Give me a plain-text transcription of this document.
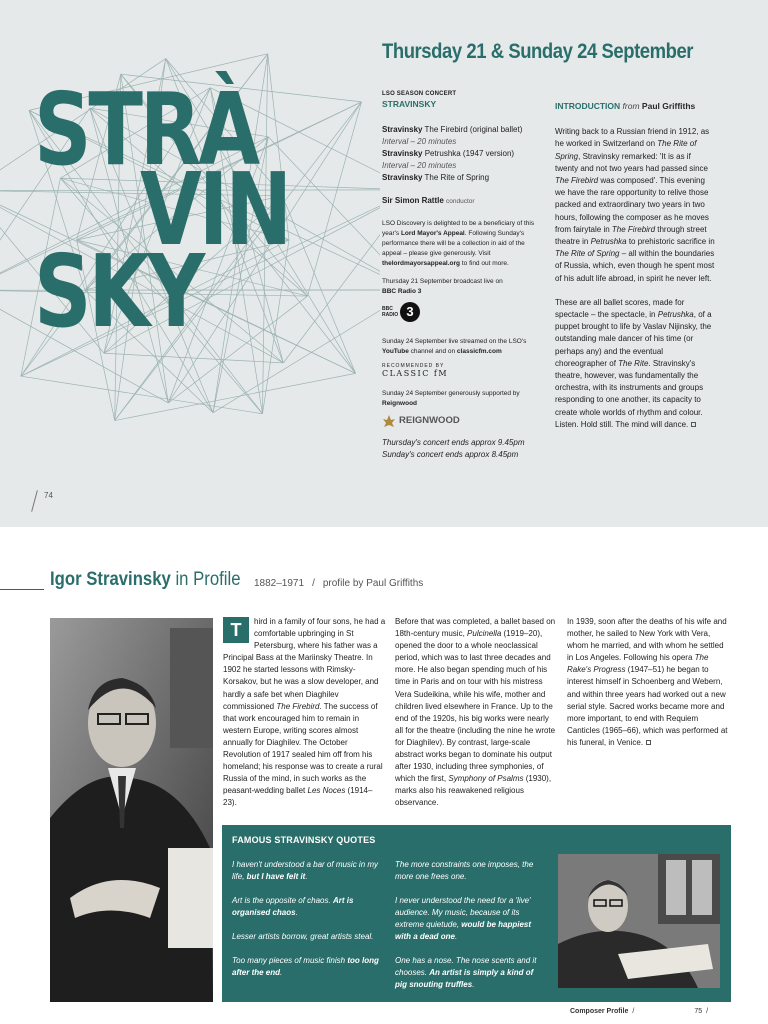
STRÀ
VIN
SKY
74
Thursday 21 & Sunday 24 September
LSO SEASON CONCERT
STRAVINSKY
Stravinsky The Firebird (original ballet)
Interval – 20 minutes
Stravinsky Petrushka (1947 version)
Interval – 20 minutes
Stravinsky The Rite of Spring
Sir Simon Rattle conductor
LSO Discovery is delighted to be a beneficiary of this year's Lord Mayor's Appeal. Following Sunday's performance there will be a collection in aid of the appeal – please give generously. Visit thelordmayorsappeal.org to find out more.
Thursday 21 September broadcast live on
BBC Radio 3
BBC RADIO 3
Sunday 24 September live streamed on the LSO's YouTube channel and on classicfm.com
RECOMMENDED BY
CLASSIC fM
Sunday 24 September generously supported by Reignwood
REIGNWOOD
Thursday's concert ends approx 9.45pm
Sunday's concert ends approx 8.45pm
INTRODUCTION from Paul Griffiths

Writing back to a Russian friend in 1912, as he worked in Switzerland on The Rite of Spring, Stravinsky remarked: 'It is as if twenty and not two years had passed since The Firebird was composed'. This evening we have the rare opportunity to relive those packed and extraordinary two years in two hours, following the composer as he moves from fairytale in The Firebird through street theatre in Petrushka to prehistoric sacrifice in The Rite of Spring – all within the boundaries of Russia, which, even though he spent most of his adult life abroad, in spirit he never left.

These are all ballet scores, made for spectacle – the spectacle, in Petrushka, of a puppet brought to life by Vaslav Nijinsky, the outstanding male dancer of his time (or perhaps any) and the eventual choreographer of The Rite. Stravinsky's theatre, however, was fundamentally the orchestra, with its instruments and groups responding to one another, its capacity to create whole worlds of rhythm and colour. Listen. Hold still. The mind will dance.

Igor Stravinsky in Profile 1882–1971 / profile by Paul Griffiths
T	hird in a family of four sons, he had a comfortable upbringing in St Petersburg, where his father was a Principal Bass at the Mariinsky Theatre. In 1902 he started lessons with Rimsky-Korsakov, but he was a slow developer, and hardly a safe bet when Diaghilev commissioned The Firebird. The success of that work encouraged him to remain in western Europe, writing scores almost annually for Diaghilev. The October Revolution of 1917 sealed him off from his homeland; his response was to create a rural Russia of the mind, in such works as the peasant-wedding ballet Les Noces (1914–23).
Before that was completed, a ballet based on 18th-century music, Pulcinella (1919–20), opened the door to a whole neoclassical period, which was to last three decades and more. He also began spending much of his time in Paris and on tour with his mistress Vera Sudeikina, while his wife, mother and children lived elsewhere in France. Up to the end of the 1920s, his big works were nearly all for the theatre (including the nine he wrote for Diaghilev). By contrast, large-scale abstract works began to dominate his output after 1930, including three symphonies, of which the first, Symphony of Psalms (1930), marks also his reawakened religious observance.
In 1939, soon after the deaths of his wife and mother, he sailed to New York with Vera, whom he married, and with whom he settled in Los Angeles. Following his opera The Rake's Progress (1947–51) he began to interest himself in Schoenberg and Webern, and within three years had worked out a new serial style. Sacred works became more and more important, to end with Requiem Canticles (1965–66), which was performed at his funeral, in Venice.
FAMOUS STRAVINSKY QUOTES

I haven't understood a bar of music in my life, but I have felt it.

Art is the opposite of chaos. Art is organised chaos.

Lesser artists borrow, great artists steal.

Too many pieces of music finish too long after the end.

The more constraints one imposes, the more one frees one.

I never understood the need for a 'live' audience. My music, because of its extreme quietude, would be happiest with a dead one.

One has a nose. The nose scents and it chooses. An artist is simply a kind of pig snouting truffles.

Composer Profile /	75 /
